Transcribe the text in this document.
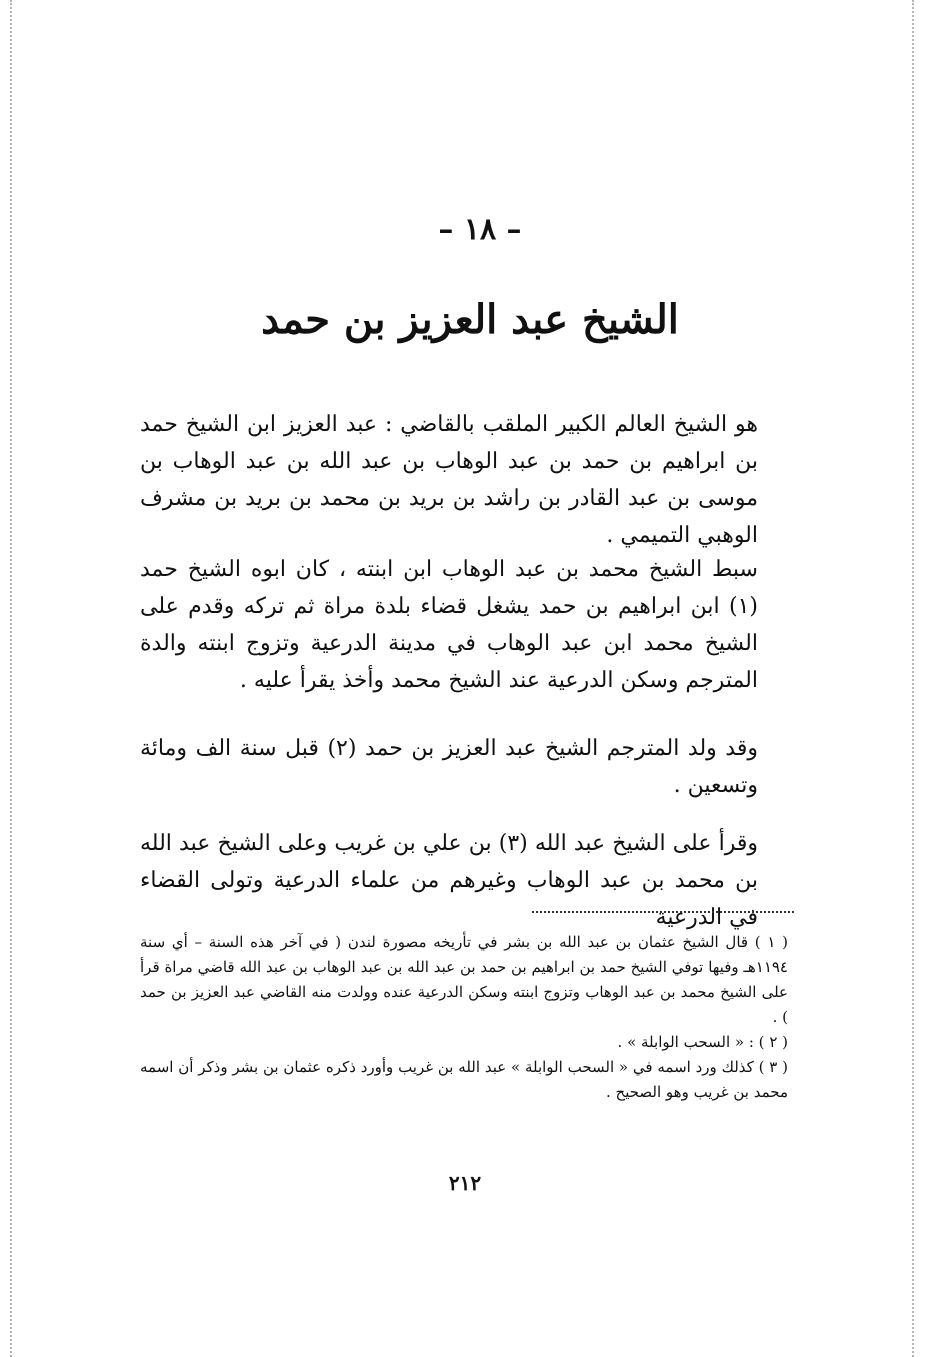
– ١٨ –
الشيخ عبد العزيز بن حمد

هو الشيخ العالم الكبير الملقب بالقاضي : عبد العزيز ابن الشيخ حمد بن ابراهيم بن حمد بن عبد الوهاب بن عبد الله بن عبد الوهاب بن موسى بن عبد القادر بن راشد بن بريد بن محمد بن بريد بن مشرف الوهبي التميمي .

سبط الشيخ محمد بن عبد الوهاب ابن ابنته ، كان ابوه الشيخ حمد (١) ابن ابراهيم بن حمد يشغل قضاء بلدة مراة ثم تركه وقدم على الشيخ محمد ابن عبد الوهاب في مدينة الدرعية وتزوج ابنته والدة المترجم وسكن الدرعية عند الشيخ محمد وأخذ يقرأ عليه .

وقد ولد المترجم الشيخ عبد العزيز بن حمد (٢) قبل سنة الف ومائة وتسعين .

وقرأ على الشيخ عبد الله (٣) بن علي بن غريب وعلى الشيخ عبد الله بن محمد بن عبد الوهاب وغيرهم من علماء الدرعية وتولى القضاء في الدرعية

( ١ ) قال الشيخ عثمان بن عبد الله بن بشر في تأريخه مصورة لندن ( في آخر هذه السنة – أي سنة ١١٩٤هـ وفيها توفي الشيخ حمد بن ابراهيم بن حمد بن عبد الله بن عبد الوهاب بن عبد الله قاضي مراة قرأ على الشيخ محمد بن عبد الوهاب وتزوج ابنته وسكن الدرعية عنده وولدت منه القاضي عبد العزيز بن حمد ) .

( ٢ ) : « السحب الوابلة » .

( ٣ ) كذلك ورد اسمه في « السحب الوابلة » عبد الله بن غريب وأورد ذكره عثمان بن بشر وذكر أن اسمه محمد بن غريب وهو الصحيح .

٢١٢
